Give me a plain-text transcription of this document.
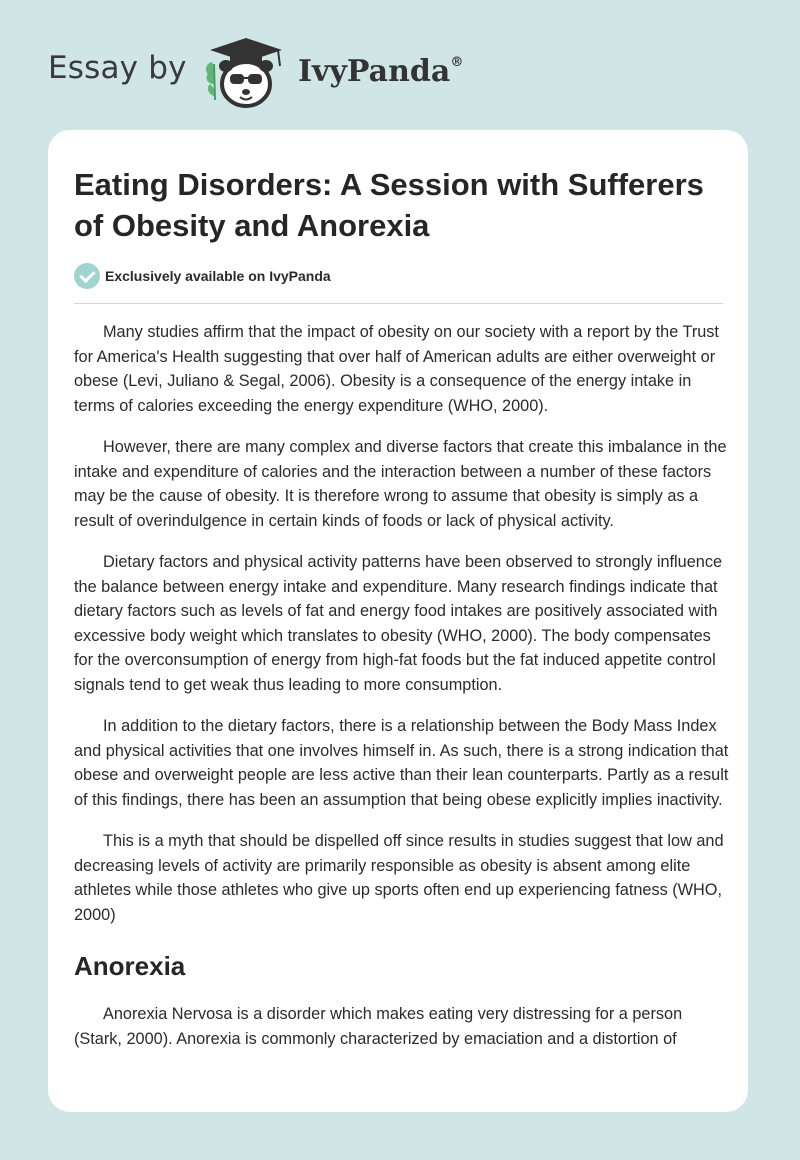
Essay by	IvyPanda®
Eating Disorders: A Session with Sufferers of Obesity and Anorexia
Exclusively available on IvyPanda

Many studies affirm that the impact of obesity on our society with a report by the Trust for America's Health suggesting that over half of American adults are either overweight or obese (Levi, Juliano & Segal, 2006). Obesity is a consequence of the energy intake in terms of calories exceeding the energy expenditure (WHO, 2000).

However, there are many complex and diverse factors that create this imbalance in the intake and expenditure of calories and the interaction between a number of these factors may be the cause of obesity. It is therefore wrong to assume that obesity is simply as a result of overindulgence in certain kinds of foods or lack of physical activity.

Dietary factors and physical activity patterns have been observed to strongly influence the balance between energy intake and expenditure. Many research findings indicate that dietary factors such as levels of fat and energy food intakes are positively associated with excessive body weight which translates to obesity (WHO, 2000). The body compensates for the overconsumption of energy from high-fat foods but the fat induced appetite control signals tend to get weak thus leading to more consumption.

In addition to the dietary factors, there is a relationship between the Body Mass Index and physical activities that one involves himself in. As such, there is a strong indication that obese and overweight people are less active than their lean counterparts. Partly as a result of this findings, there has been an assumption that being obese explicitly implies inactivity.

This is a myth that should be dispelled off since results in studies suggest that low and decreasing levels of activity are primarily responsible as obesity is absent among elite athletes while those athletes who give up sports often end up experiencing fatness (WHO, 2000)

Anorexia

Anorexia Nervosa is a disorder which makes eating very distressing for a person (Stark, 2000). Anorexia is commonly characterized by emaciation and a distortion of
